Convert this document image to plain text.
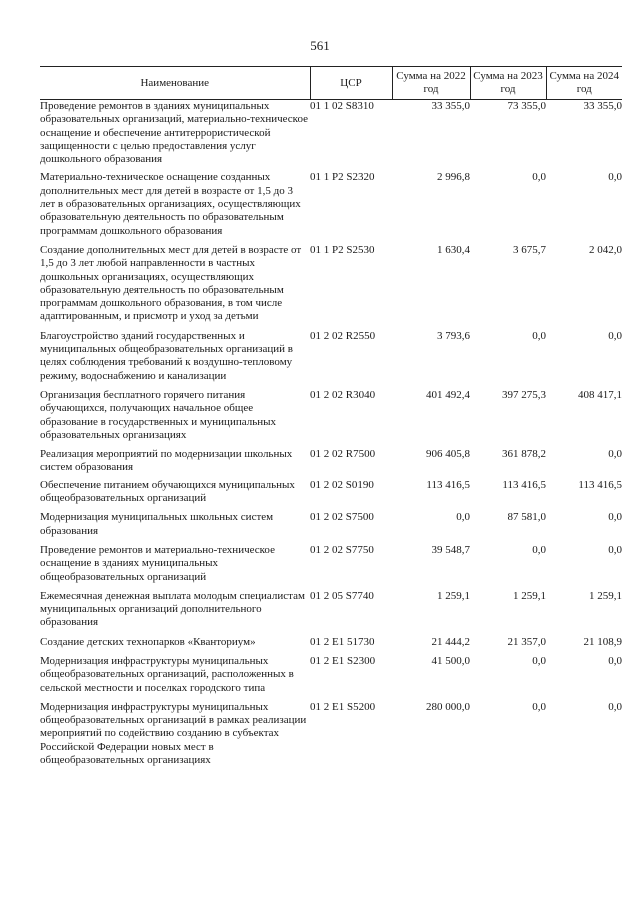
561
Наименование	ЦСР	Сумма на 2022 год	Сумма на 2023 год	Сумма на 2024 год
Проведение ремонтов в зданиях муниципальных образовательных организаций, материально-техническое оснащение и обеспечение антитеррористической защищенности с целью предоставления услуг дошкольного образования	01 1 02 S8310	33 355,0	73 355,0	33 355,0
Материально-техническое оснащение созданных дополнительных мест для детей в возрасте от 1,5 до 3 лет в образовательных организациях, осуществляющих образовательную деятельность по образовательным программам дошкольного образования	01 1 P2 S2320	2 996,8	0,0	0,0
Создание дополнительных мест для детей в возрасте от 1,5 до 3 лет любой направленности в частных дошкольных организациях, осуществляющих образовательную деятельность по образовательным программам дошкольного образования, в том числе адаптированным, и присмотр и уход за детьми	01 1 P2 S2530	1 630,4	3 675,7	2 042,0
Благоустройство зданий государственных и муниципальных общеобразовательных организаций в целях соблюдения требований к воздушно-тепловому режиму, водоснабжению и канализации	01 2 02 R2550	3 793,6	0,0	0,0
Организация бесплатного горячего питания обучающихся, получающих начальное общее образование в государственных и муниципальных образовательных организациях	01 2 02 R3040	401 492,4	397 275,3	408 417,1
Реализация мероприятий по модернизации школьных систем образования	01 2 02 R7500	906 405,8	361 878,2	0,0
Обеспечение питанием обучающихся муниципальных общеобразовательных организаций	01 2 02 S0190	113 416,5	113 416,5	113 416,5
Модернизация муниципальных школьных систем образования	01 2 02 S7500	0,0	87 581,0	0,0
Проведение ремонтов и материально-техническое оснащение в зданиях муниципальных общеобразовательных организаций	01 2 02 S7750	39 548,7	0,0	0,0
Ежемесячная денежная выплата молодым специалистам муниципальных организаций дополнительного образования	01 2 05 S7740	1 259,1	1 259,1	1 259,1
Создание детских технопарков «Кванториум»	01 2 E1 51730	21 444,2	21 357,0	21 108,9
Модернизация инфраструктуры муниципальных общеобразовательных организаций, расположенных в сельской местности и поселках городского типа	01 2 E1 S2300	41 500,0	0,0	0,0
Модернизация инфраструктуры муниципальных общеобразовательных организаций в рамках реализации мероприятий по содействию созданию в субъектах Российской Федерации новых мест в общеобразовательных организациях	01 2 E1 S5200	280 000,0	0,0	0,0
